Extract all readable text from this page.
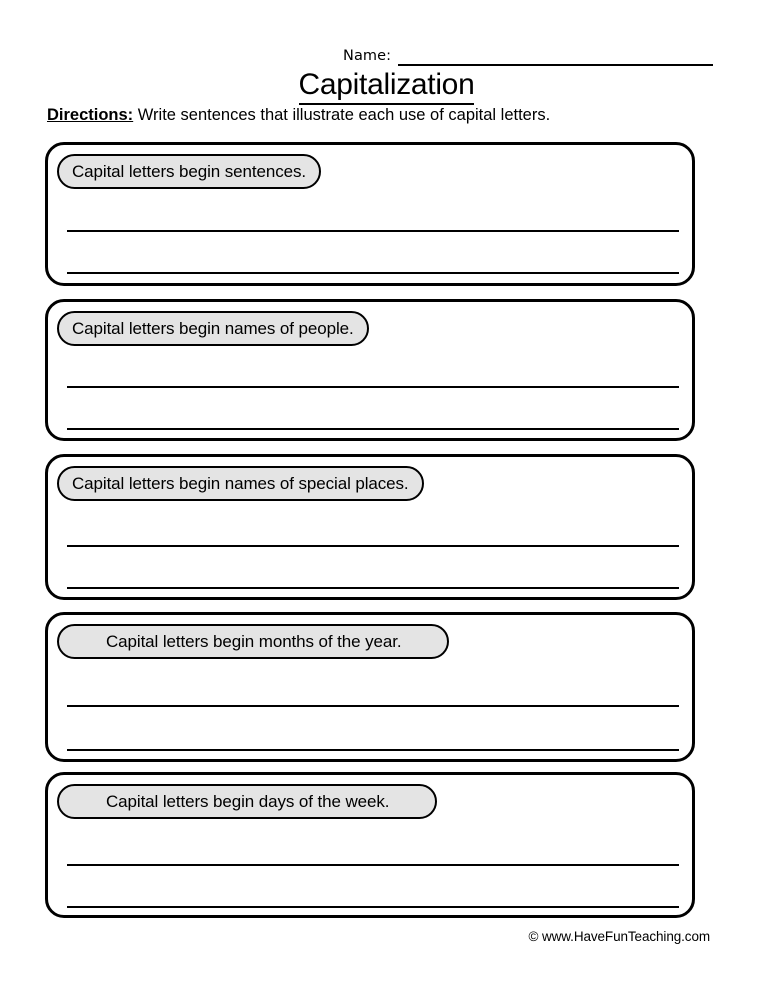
Name:
Capitalization
Directions: Write sentences that illustrate each use of capital letters.
Capital letters begin sentences.
Capital letters begin names of people.
Capital letters begin names of special places.
Capital letters begin months of the year.
Capital letters begin days of the week.
© www.HaveFunTeaching.com
